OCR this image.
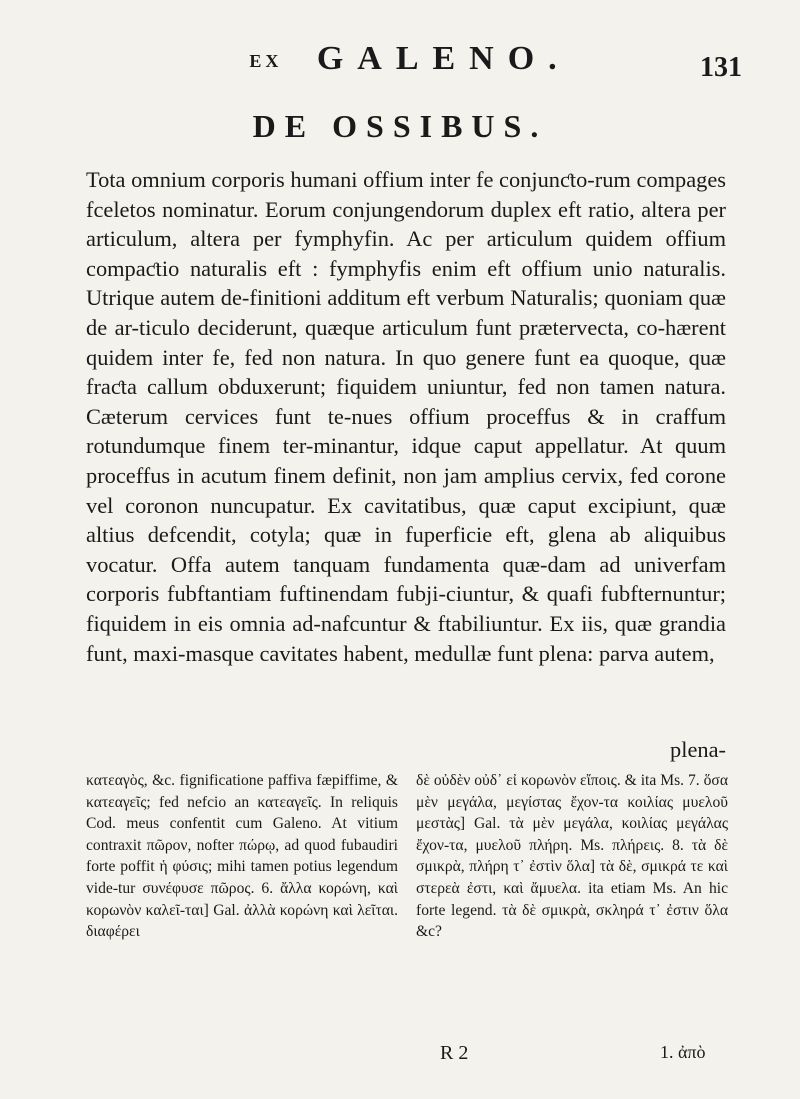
EX GALENO.	131
DE OSSIBUS.

Tota omnium corporis humani offium inter fe conjunƈto-rum compages fceletos nominatur. Eorum conjungendorum duplex eft ratio, altera per articulum, altera per fymphyfin. Ac per articulum quidem offium compaƈtio naturalis eft : fymphyfis enim eft offium unio naturalis. Utrique autem de-finitioni additum eft verbum Naturalis; quoniam quæ de ar-ticulo deciderunt, quæque articulum funt prætervecta, co-hærent quidem inter fe, fed non natura. In quo genere funt ea quoque, quæ fraƈta callum obduxerunt; fiquidem uniuntur, fed non tamen natura. Cæterum cervices funt te-nues offium proceffus & in craffum rotundumque finem ter-minantur, idque caput appellatur. At quum proceffus in acutum finem definit, non jam amplius cervix, fed corone vel coronon nuncupatur. Ex cavitatibus, quæ caput excipiunt, quæ altius defcendit, cotyla; quæ in fuperficie eft, glena ab aliquibus vocatur. Offa autem tanquam fundamenta quæ-dam ad univerfam corporis fubftantiam fuftinendam fubji-ciuntur, & quafi fubfternuntur; fiquidem in eis omnia ad-nafcuntur & ftabiliuntur. Ex iis, quæ grandia funt, maxi-masque cavitates habent, medullæ funt plena: parva autem,

plena-

κατεαγὸς, &c. fignificatione paffiva fæpiffime, & κατεαγεῖς; fed nefcio an κατεαγεῖς. In reliquis Cod. meus confentit cum Galeno. At vitium contraxit πῶρον, nofter πώρῳ, ad quod fubaudiri forte poffit ἡ φύσις; mihi tamen potius legendum vide-tur συνέφυσε πῶρος. 6. ἄλλα κορώνη, καὶ κορωνὸν καλεῖ-ται] Gal. ἀλλὰ κορώνη καὶ λεῖται. διαφέρει

δὲ οὐδὲν οὐδ᾽ εἰ κορωνὸν εἴποις. & ita Ms. 7. ὅσα μὲν μεγάλα, μεγίστας ἔχον-τα κοιλίας μυελοῦ μεστὰς] Gal. τὰ μὲν μεγάλα, κοιλίας μεγάλας ἔχον-τα, μυελοῦ πλήρη. Ms. πλήρεις. 8. τὰ δὲ σμικρὰ, πλήρη τ᾽ ἐστὶν ὅλα] τὰ δὲ, σμικρά τε καὶ στερεὰ ἐστι, καὶ ἄμυελα. ita etiam Ms. An hic forte legend. τὰ δὲ σμικρὰ, σκληρά τ᾽ ἐστιν ὅλα &c?

R 2	1. ἀπὸ
